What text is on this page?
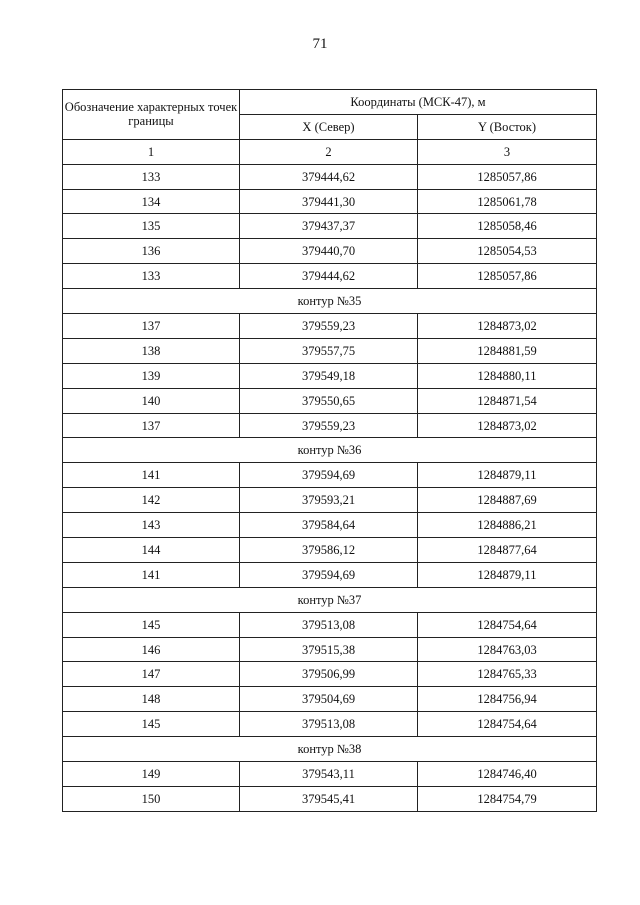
71
Обозначение характерных точек границы	Координаты (МСК-47), м	
	X (Север)	Y (Восток)
1	2	3
133	379444,62	1285057,86
134	379441,30	1285061,78
135	379437,37	1285058,46
136	379440,70	1285054,53
133	379444,62	1285057,86
контур №35		
137	379559,23	1284873,02
138	379557,75	1284881,59
139	379549,18	1284880,11
140	379550,65	1284871,54
137	379559,23	1284873,02
контур №36		
141	379594,69	1284879,11
142	379593,21	1284887,69
143	379584,64	1284886,21
144	379586,12	1284877,64
141	379594,69	1284879,11
контур №37		
145	379513,08	1284754,64
146	379515,38	1284763,03
147	379506,99	1284765,33
148	379504,69	1284756,94
145	379513,08	1284754,64
контур №38		
149	379543,11	1284746,40
150	379545,41	1284754,79
